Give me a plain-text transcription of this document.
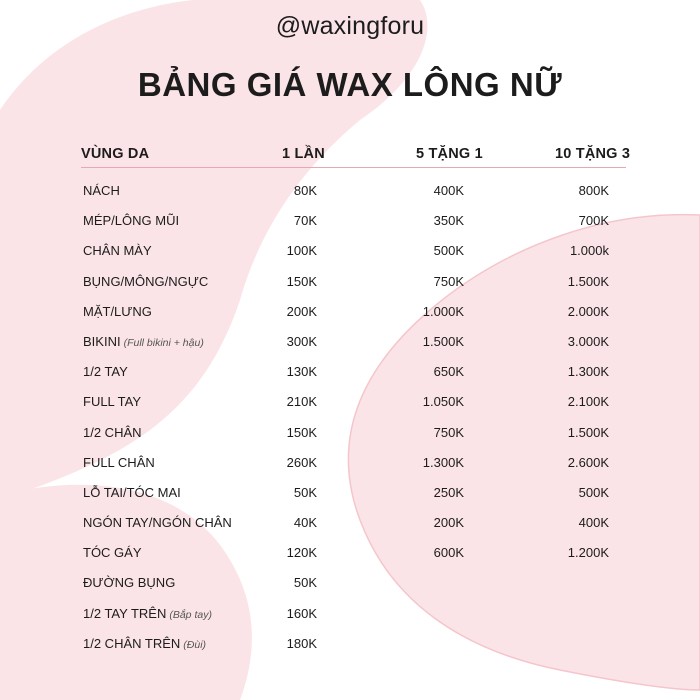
@waxingforu
BẢNG GIÁ WAX LÔNG NỮ
VÙNG DA	1 LẦN	5 TẶNG 1	10 TẶNG 3
NÁCH	80K	400K	800K
MÉP/LÔNG MŨI	70K	350K	700K
CHÂN MÀY	100K	500K	1.000k
BỤNG/MÔNG/NGỰC	150K	750K	1.500K
MẶT/LƯNG	200K	1.000K	2.000K
BIKINI (Full bikini + hậu)	300K	1.500K	3.000K
1/2 TAY	130K	650K	1.300K
FULL TAY	210K	1.050K	2.100K
1/2 CHÂN	150K	750K	1.500K
FULL CHÂN	260K	1.300K	2.600K
LỖ TAI/TÓC MAI	50K	250K	500K
NGÓN TAY/NGÓN CHÂN	40K	200K	400K
TÓC GÁY	120K	600K	1.200K
ĐƯỜNG BỤNG	50K
1/2 TAY TRÊN (Bắp tay)	160K
1/2 CHÂN TRÊN (Đùi)	180K
